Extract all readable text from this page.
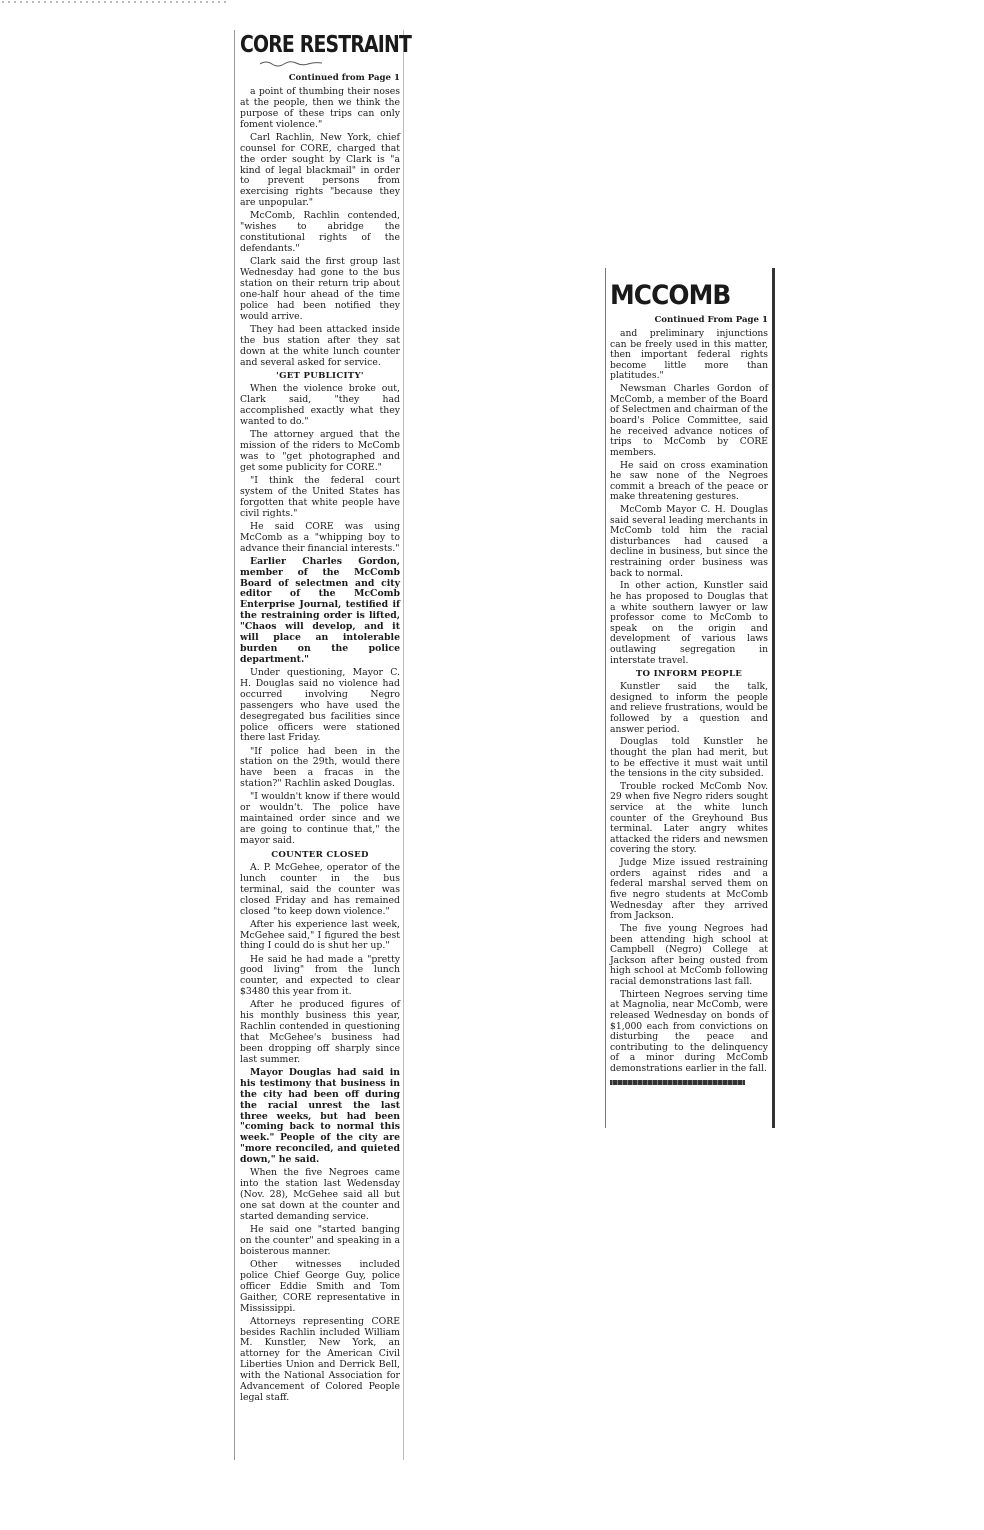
CORE RESTRAINT
Continued from Page 1

a point of thumbing their noses at the people, then we think the purpose of these trips can only foment violence."

Carl Rachlin, New York, chief counsel for CORE, charged that the order sought by Clark is "a kind of legal blackmail" in order to prevent persons from exercising rights "because they are unpopular."

McComb, Rachlin contended, "wishes to abridge the constitutional rights of the defendants."

Clark said the first group last Wednesday had gone to the bus station on their return trip about one-half hour ahead of the time police had been notified they would arrive.

They had been attacked inside the bus station after they sat down at the white lunch counter and several asked for service.

'GET PUBLICITY'

When the violence broke out, Clark said, "they had accomplished exactly what they wanted to do."

The attorney argued that the mission of the riders to McComb was to "get photographed and get some publicity for CORE."

"I think the federal court system of the United States has forgotten that white people have civil rights."

He said CORE was using McComb as a "whipping boy to advance their financial interests."

Earlier Charles Gordon, member of the McComb Board of selectmen and city editor of the McComb Enterprise Journal, testified if the restraining order is lifted, "Chaos will develop, and it will place an intolerable burden on the police department."

Under questioning, Mayor C. H. Douglas said no violence had occurred involving Negro passengers who have used the desegregated bus facilities since police officers were stationed there last Friday.

"If police had been in the station on the 29th, would there have been a fracas in the station?" Rachlin asked Douglas.

"I wouldn't know if there would or wouldn't. The police have maintained order since and we are going to continue that," the mayor said.

COUNTER CLOSED

A. P. McGehee, operator of the lunch counter in the bus terminal, said the counter was closed Friday and has remained closed "to keep down violence."

After his experience last week, McGehee said," I figured the best thing I could do is shut her up."

He said he had made a "pretty good living" from the lunch counter, and expected to clear $3480 this year from it.

After he produced figures of his monthly business this year, Rachlin contended in questioning that McGehee's business had been dropping off sharply since last summer.

Mayor Douglas had said in his testimony that business in the city had been off during the racial unrest the last three weeks, but had been "coming back to normal this week." People of the city are "more reconciled, and quieted down," he said.

When the five Negroes came into the station last Wedensday (Nov. 28), McGehee said all but one sat down at the counter and started demanding service.

He said one "started banging on the counter" and speaking in a boisterous manner.

Other witnesses included police Chief George Guy, police officer Eddie Smith and Tom Gaither, CORE representative in Mississippi.

Attorneys representing CORE besides Rachlin included William M. Kunstler, New York, an attorney for the American Civil Liberties Union and Derrick Bell, with the National Association for Advancement of Colored People legal staff.

MCCOMB
Continued From Page 1

and preliminary injunctions can be freely used in this matter, then important federal rights become little more than platitudes."

Newsman Charles Gordon of McComb, a member of the Board of Selectmen and chairman of the board's Police Committee, said he received advance notices of trips to McComb by CORE members.

He said on cross examination he saw none of the Negroes commit a breach of the peace or make threatening gestures.

McComb Mayor C. H. Douglas said several leading merchants in McComb told him the racial disturbances had caused a decline in business, but since the restraining order business was back to normal.

In other action, Kunstler said he has proposed to Douglas that a white southern lawyer or law professor come to McComb to speak on the origin and development of various laws outlawing segregation in interstate travel.

TO INFORM PEOPLE

Kunstler said the talk, designed to inform the people and relieve frustrations, would be followed by a question and answer period.

Douglas told Kunstler he thought the plan had merit, but to be effective it must wait until the tensions in the city subsided.

Trouble rocked McComb Nov. 29 when five Negro riders sought service at the white lunch counter of the Greyhound Bus terminal. Later angry whites attacked the riders and newsmen covering the story.

Judge Mize issued restraining orders against rides and a federal marshal served them on five negro students at McComb Wednesday after they arrived from Jackson.

The five young Negroes had been attending high school at Campbell (Negro) College at Jackson after being ousted from high school at McComb following racial demonstrations last fall.

Thirteen Negroes serving time at Magnolia, near McComb, were released Wednesday on bonds of $1,000 each from convictions on disturbing the peace and contributing to the delinquency of a minor during McComb demonstrations earlier in the fall.
